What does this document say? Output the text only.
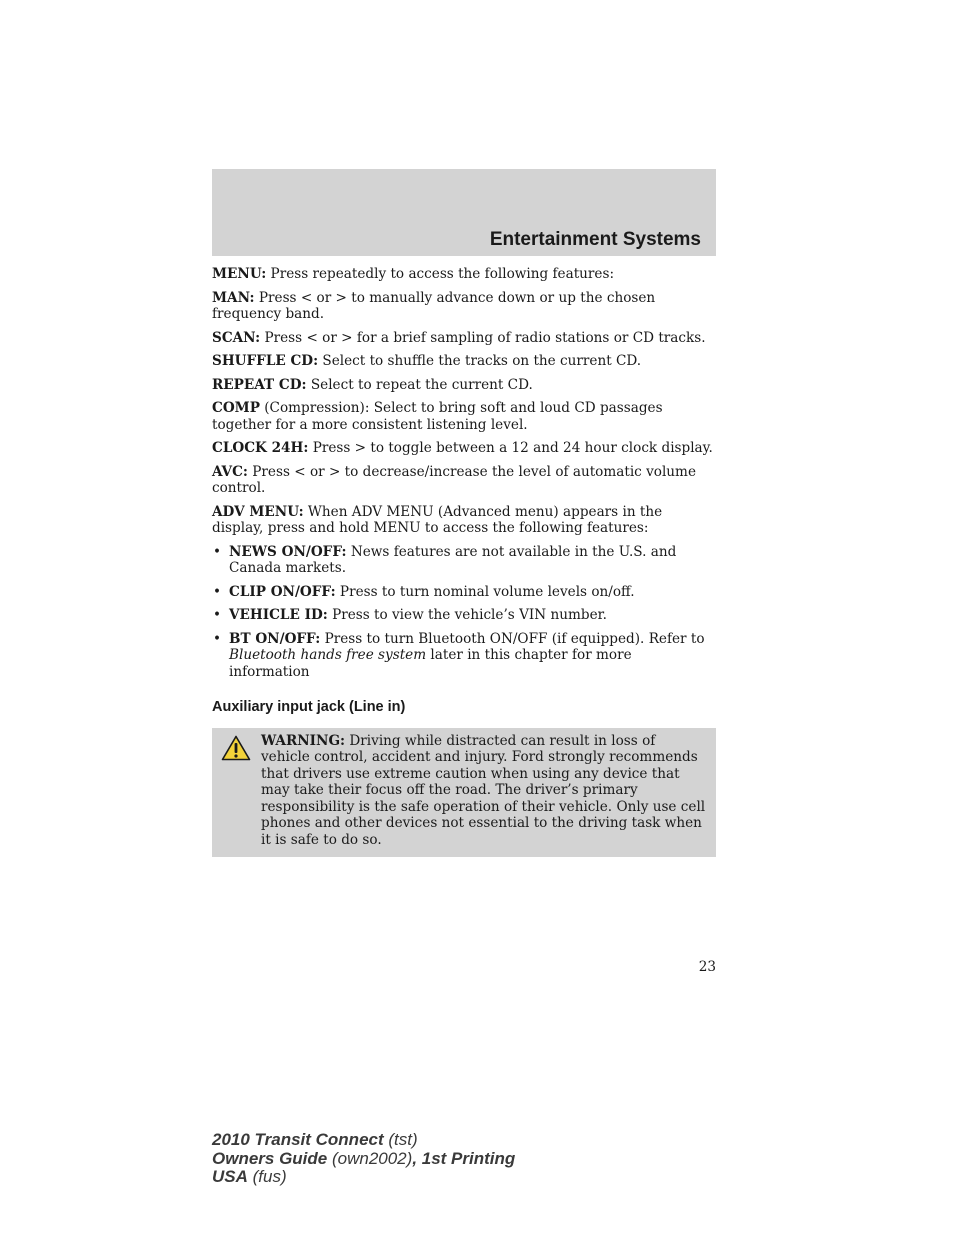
Entertainment Systems

MENU: Press repeatedly to access the following features:

MAN: Press < or > to manually advance down or up the chosen frequency band.

SCAN: Press < or > for a brief sampling of radio stations or CD tracks.

SHUFFLE CD: Select to shuffle the tracks on the current CD.

REPEAT CD: Select to repeat the current CD.

COMP (Compression): Select to bring soft and loud CD passages together for a more consistent listening level.

CLOCK 24H: Press > to toggle between a 12 and 24 hour clock display.

AVC: Press < or > to decrease/increase the level of automatic volume control.

ADV MENU: When ADV MENU (Advanced menu) appears in the display, press and hold MENU to access the following features:

• NEWS ON/OFF: News features are not available in the U.S. and Canada markets.
• CLIP ON/OFF: Press to turn nominal volume levels on/off.
• VEHICLE ID: Press to view the vehicle’s VIN number.
• BT ON/OFF: Press to turn Bluetooth ON/OFF (if equipped). Refer to Bluetooth hands free system later in this chapter for more information
Auxiliary input jack (Line in)
WARNING: Driving while distracted can result in loss of vehicle control, accident and injury. Ford strongly recommends that drivers use extreme caution when using any device that may take their focus off the road. The driver’s primary responsibility is the safe operation of their vehicle. Only use cell phones and other devices not essential to the driving task when it is safe to do so.
23
2010 Transit Connect (tst)
Owners Guide (own2002), 1st Printing
USA (fus)
